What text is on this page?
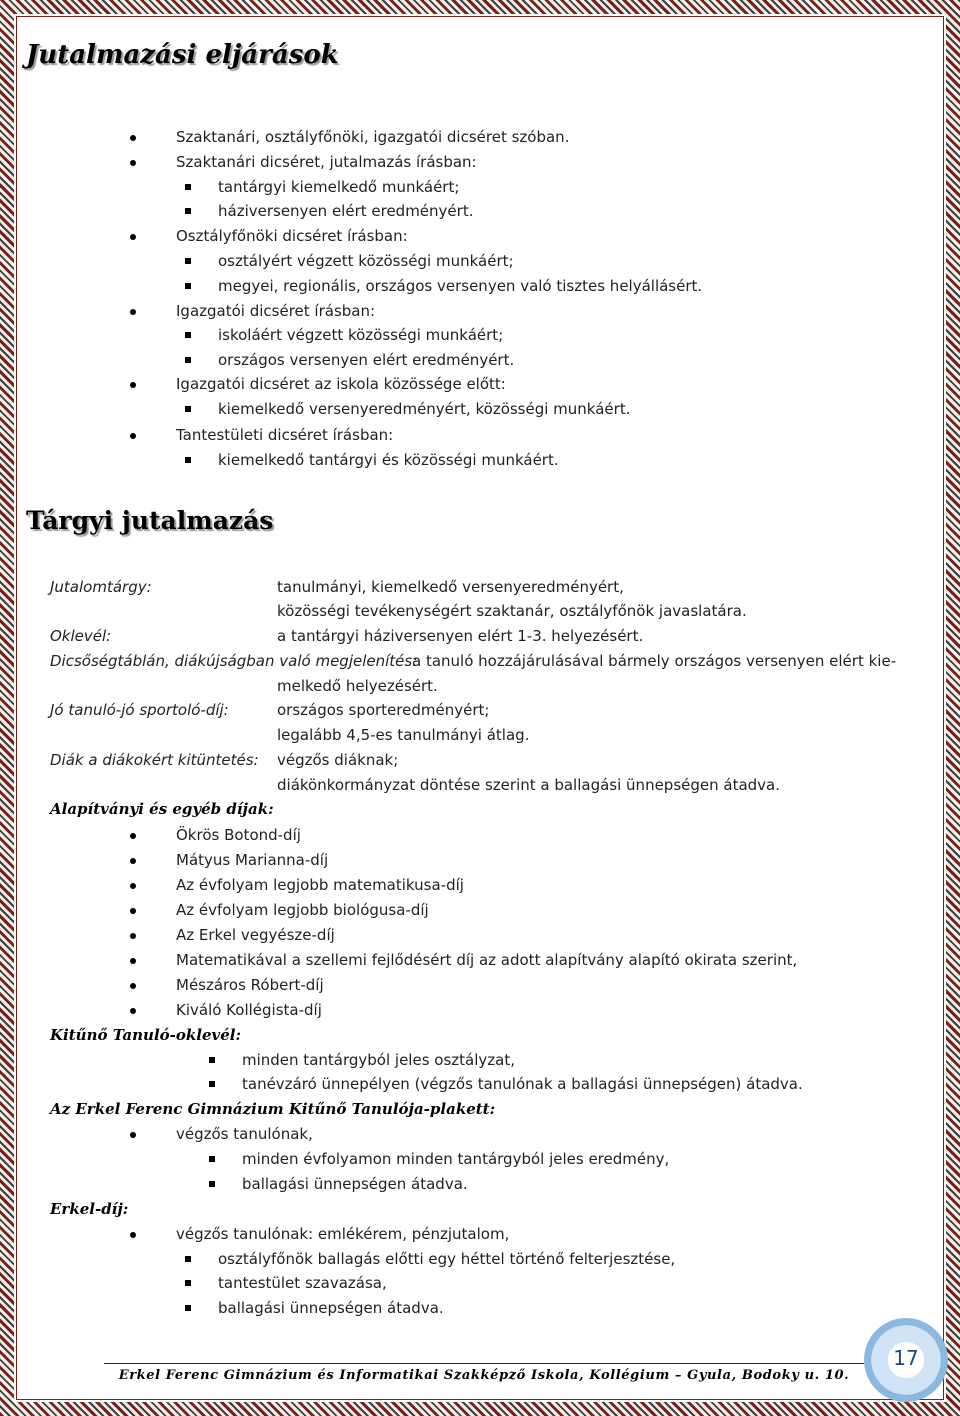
Jutalmazási eljárások
Szaktanári, osztályfőnöki, igazgatói dicséret szóban.
Szaktanári dicséret, jutalmazás írásban:
tantárgyi kiemelkedő munkáért;
háziversenyen elért eredményért.
Osztályfőnöki dicséret írásban:
osztályért végzett közösségi munkáért;
megyei, regionális, országos versenyen való tisztes helyállásért.
Igazgatói dicséret írásban:
iskoláért végzett közösségi munkáért;
országos versenyen elért eredményért.
Igazgatói dicséret az iskola közössége előtt:
kiemelkedő versenyeredményért, közösségi munkáért.
Tantestületi dicséret írásban:
kiemelkedő tantárgyi és közösségi munkáért.
Tárgyi jutalmazás
Jutalomtárgy:	tanulmányi, kiemelkedő versenyeredményért,
közösségi tevékenységért szaktanár, osztályfőnök javaslatára.
Oklevél:	a tantárgyi háziversenyen elért 1-3. helyezésért.
Dicsőségtáblán, diákújságban való megjelenítés:
a tanuló hozzájárulásával bármely országos versenyen elért kie-
melkedő helyezésért.
Jó tanuló-jó sportoló-díj:	országos sporteredményért;
legalább 4,5-es tanulmányi átlag.
Diák a diákokért kitüntetés: végzős diáknak;
diákönkormányzat döntése szerint a ballagási ünnepségen átadva.
Alapítványi és egyéb díjak:
Ökrös Botond-díj
Mátyus Marianna-díj
Az évfolyam legjobb matematikusa-díj
Az évfolyam legjobb biológusa-díj
Az Erkel vegyésze-díj
Matematikával a szellemi fejlődésért díj az adott alapítvány alapító okirata szerint,
Mészáros Róbert-díj
Kiváló Kollégista-díj
Kitűnő Tanuló-oklevél:
minden tantárgyból jeles osztályzat,
tanévzáró ünnepélyen (végzős tanulónak a ballagási ünnepségen) átadva.
Az Erkel Ferenc Gimnázium Kitűnő Tanulója-plakett:
végzős tanulónak,
minden évfolyamon minden tantárgyból jeles eredmény,
ballagási ünnepségen átadva.
Erkel-díj:
végzős tanulónak: emlékérem, pénzjutalom,
osztályfőnök ballagás előtti egy héttel történő felterjesztése,
tantestület szavazása,
ballagási ünnepségen átadva.
Erkel Ferenc Gimnázium és Informatikai Szakképző Iskola, Kollégium – Gyula, Bodoky u. 10.
17
